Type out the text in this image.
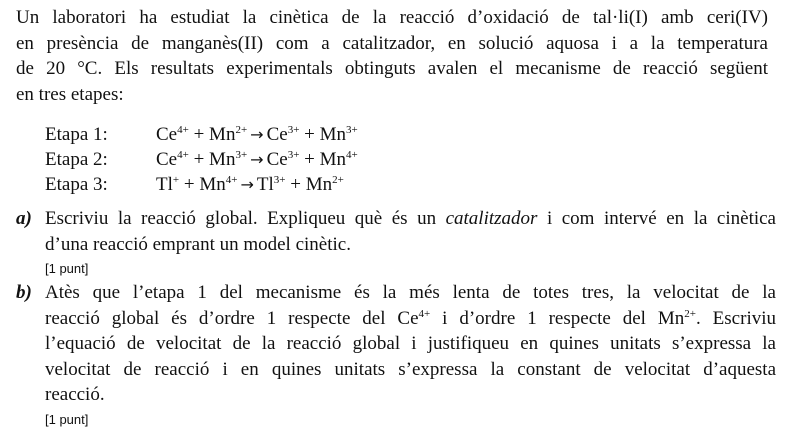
Un laboratori ha estudiat la cinètica de la reacció d’oxidació de tal·li(I) amb ceri(IV)
en presència de manganès(II) com a catalitzador, en solució aquosa i a la temperatura
de 20 °C. Els resultats experimentals obtinguts avalen el mecanisme de reacció següent
en tres etapes:
Etapa 1:	$Ce^{4+} + Mn^{2+} \to Ce^{3+} + Mn^{3+}$
Etapa 2:	$Ce^{4+} + Mn^{3+} \to Ce^{3+} + Mn^{4+}$
Etapa 3:	$Tl^+ + Mn^{4+} \to Tl^{3+} + Mn^{2+}$
a) Escriviu la reacció global. Expliqueu què és un catalitzador i com intervé en la cinètica
d’una reacció emprant un model cinètic.
[1 punt]
b) Atès que l’etapa 1 del mecanisme és la més lenta de totes tres, la velocitat de la
reacció global és d’ordre 1 respecte del $Ce^{4+}$ i d’ordre 1 respecte del $Mn^{2+}$. Escriviu
l’equació de velocitat de la reacció global i justifiqueu en quines unitats s’expressa la
velocitat de reacció i en quines unitats s’expressa la constant de velocitat d’aquesta
reacció.
[1 punt]
